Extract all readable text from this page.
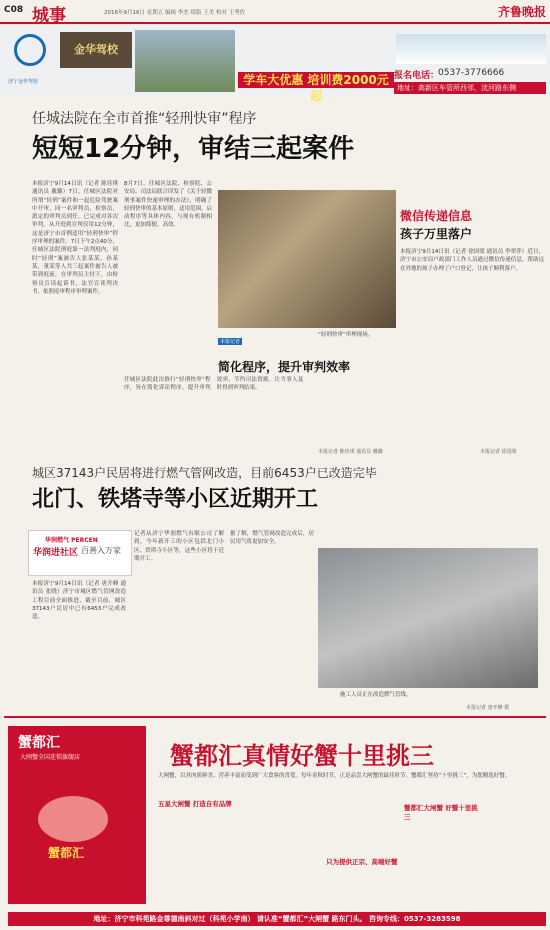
C08 城事	2016年9月16日 星期五 编辑 李杰 组版 王美 校对 王秀佐	齐鲁晚报
济宁金华驾校
金华驾校
学车大优惠 培训费2000元起
报名电话：
0537-3776666
地址：高新区车管所西邻，洸河路东侧
任城法院在全市首推“轻刑快审”程序
短短12分钟，审结三起案件
本报济宁9月14日讯（记者 陈佳琪 通讯员 戴璐）7日，任城区法院对所谓“轻刑”案件和一起危险驾驶案中开审，同一名审判员，检察员，派定的审判员到任，已完成对各次审判，从开庭到宣判仅用12分钟，这是济宁市首例适用“轻刑快审”程序审理的案件。7日下午2点40分，任城区法院刑庭第一法判庭内，同时“轻刑”案被告人张某某，孙某某，董某等人共三起案件被告人被带到庭前，在审判员主持下，由检察员宣读起诉书，法官宣读判决书，依照庭审程序审理案件。
8月7日，任城区法院、检察院、公安局、司法局联合印发了《关于轻微刑事案件快速审理的办法》，明确了轻刑快审的基本原则，适用范围，启动程序等具体内容，与现有机制相比，更加简便，高效。
本报记者
“轻刑快审”审理现场。
简化程序，提升审判效率
任城区法院此次推行“轻刑快审”程序，旨在简化诉讼程序，提升审判效率，节约司法资源，让当事人及时得到审判结果。
本报记者 陈佳琪 通讯员 戴璐
微信传递信息
孩子万里落户
本报济宁9月14日讯（记者 徐国梁 通讯员 李翠萍）近日，济宁市公安局户政部门工作人员通过微信传递信息，帮助远在外地的孩子办理了户口登记，让孩子顺利落户。
本报记者 徐国梁
城区37143户民居将进行燃气管网改造，目前6453户已改造完毕
北门、铁塔寺等小区近期开工
华润燃气 PERCEN
华润进社区 百善入万家
本报济宁9月14日讯（记者 唐开峰 通讯员 张晓）济宁市城区燃气管网改造工程目前全面推进，截至目前，城区37143户民居中已有6453户完成改造。
记者从济宁华润燃气有限公司了解到，今年新开工的小区包括北门小区、铁塔寺小区等，这些小区将于近期开工。
据了解，燃气管网改造完成后，居民用气将更加安全。
施工人员正在改造燃气管线。
本报记者 唐开峰 摄
蟹都汇
大闸蟹全国连锁旗舰店
蟹都汇
蟹都汇真情好蟹十里挑三
大闸蟹，以其肉质鲜美、营养丰富而受到广大食客的喜爱。每年金秋时节，正是品尝大闸蟹的最佳时节。蟹都汇坚持“十里挑三”，为您精选好蟹。
五星大闸蟹 打造自有品牌
只为提供正宗、高端好蟹
蟹都汇大闸蟹 好蟹十里挑三
地址：济宁市科苑路金尊德南斜对过（科苑小学南） 请认准“蟹都汇”大闸蟹 路东门头。 咨询专线：0537-3283598
